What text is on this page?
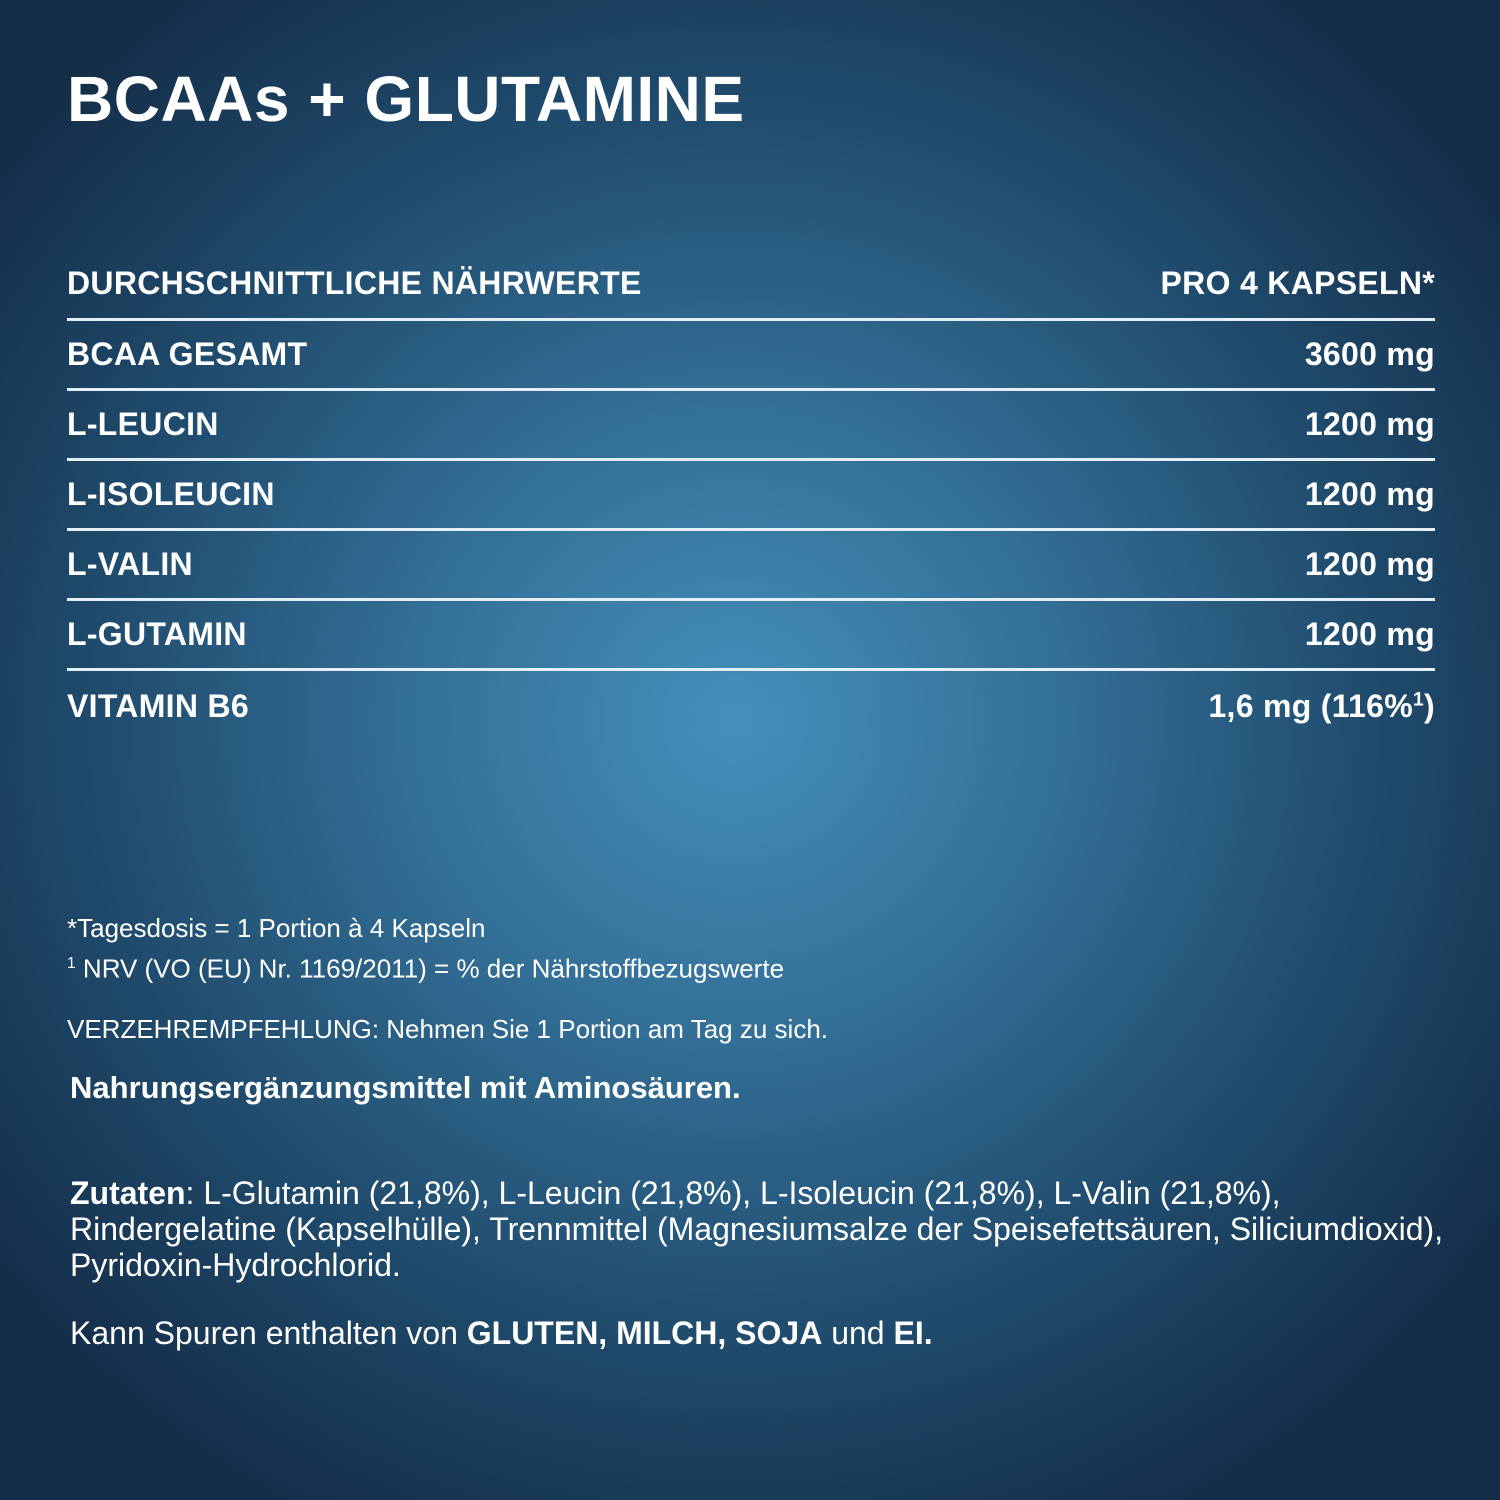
BCAAs + GLUTAMINE
DURCHSCHNITTLICHE NÄHRWERTE	PRO 4 KAPSELN*
BCAA GESAMT	3600 mg
L-LEUCIN	1200 mg
L-ISOLEUCIN	1200 mg
L-VALIN	1200 mg
L-GUTAMIN	1200 mg
VITAMIN B6	1,6 mg (116%$^1$)
*Tagesdosis = 1 Portion à 4 Kapseln
$^1$ NRV (VO (EU) Nr. 1169/2011) = % der Nährstoffbezugswerte
VERZEHREMPFEHLUNG: Nehmen Sie 1 Portion am Tag zu sich.
Nahrungsergänzungsmittel mit Aminosäuren.
Zutaten: L-Glutamin (21,8%), L-Leucin (21,8%), L-Isoleucin (21,8%), L-Valin (21,8%), Rindergelatine (Kapselhülle), Trennmittel (Magnesiumsalze der Speisefettsäuren, Siliciumdioxid), Pyridoxin-Hydrochlorid.
Kann Spuren enthalten von GLUTEN, MILCH, SOJA und EI.
